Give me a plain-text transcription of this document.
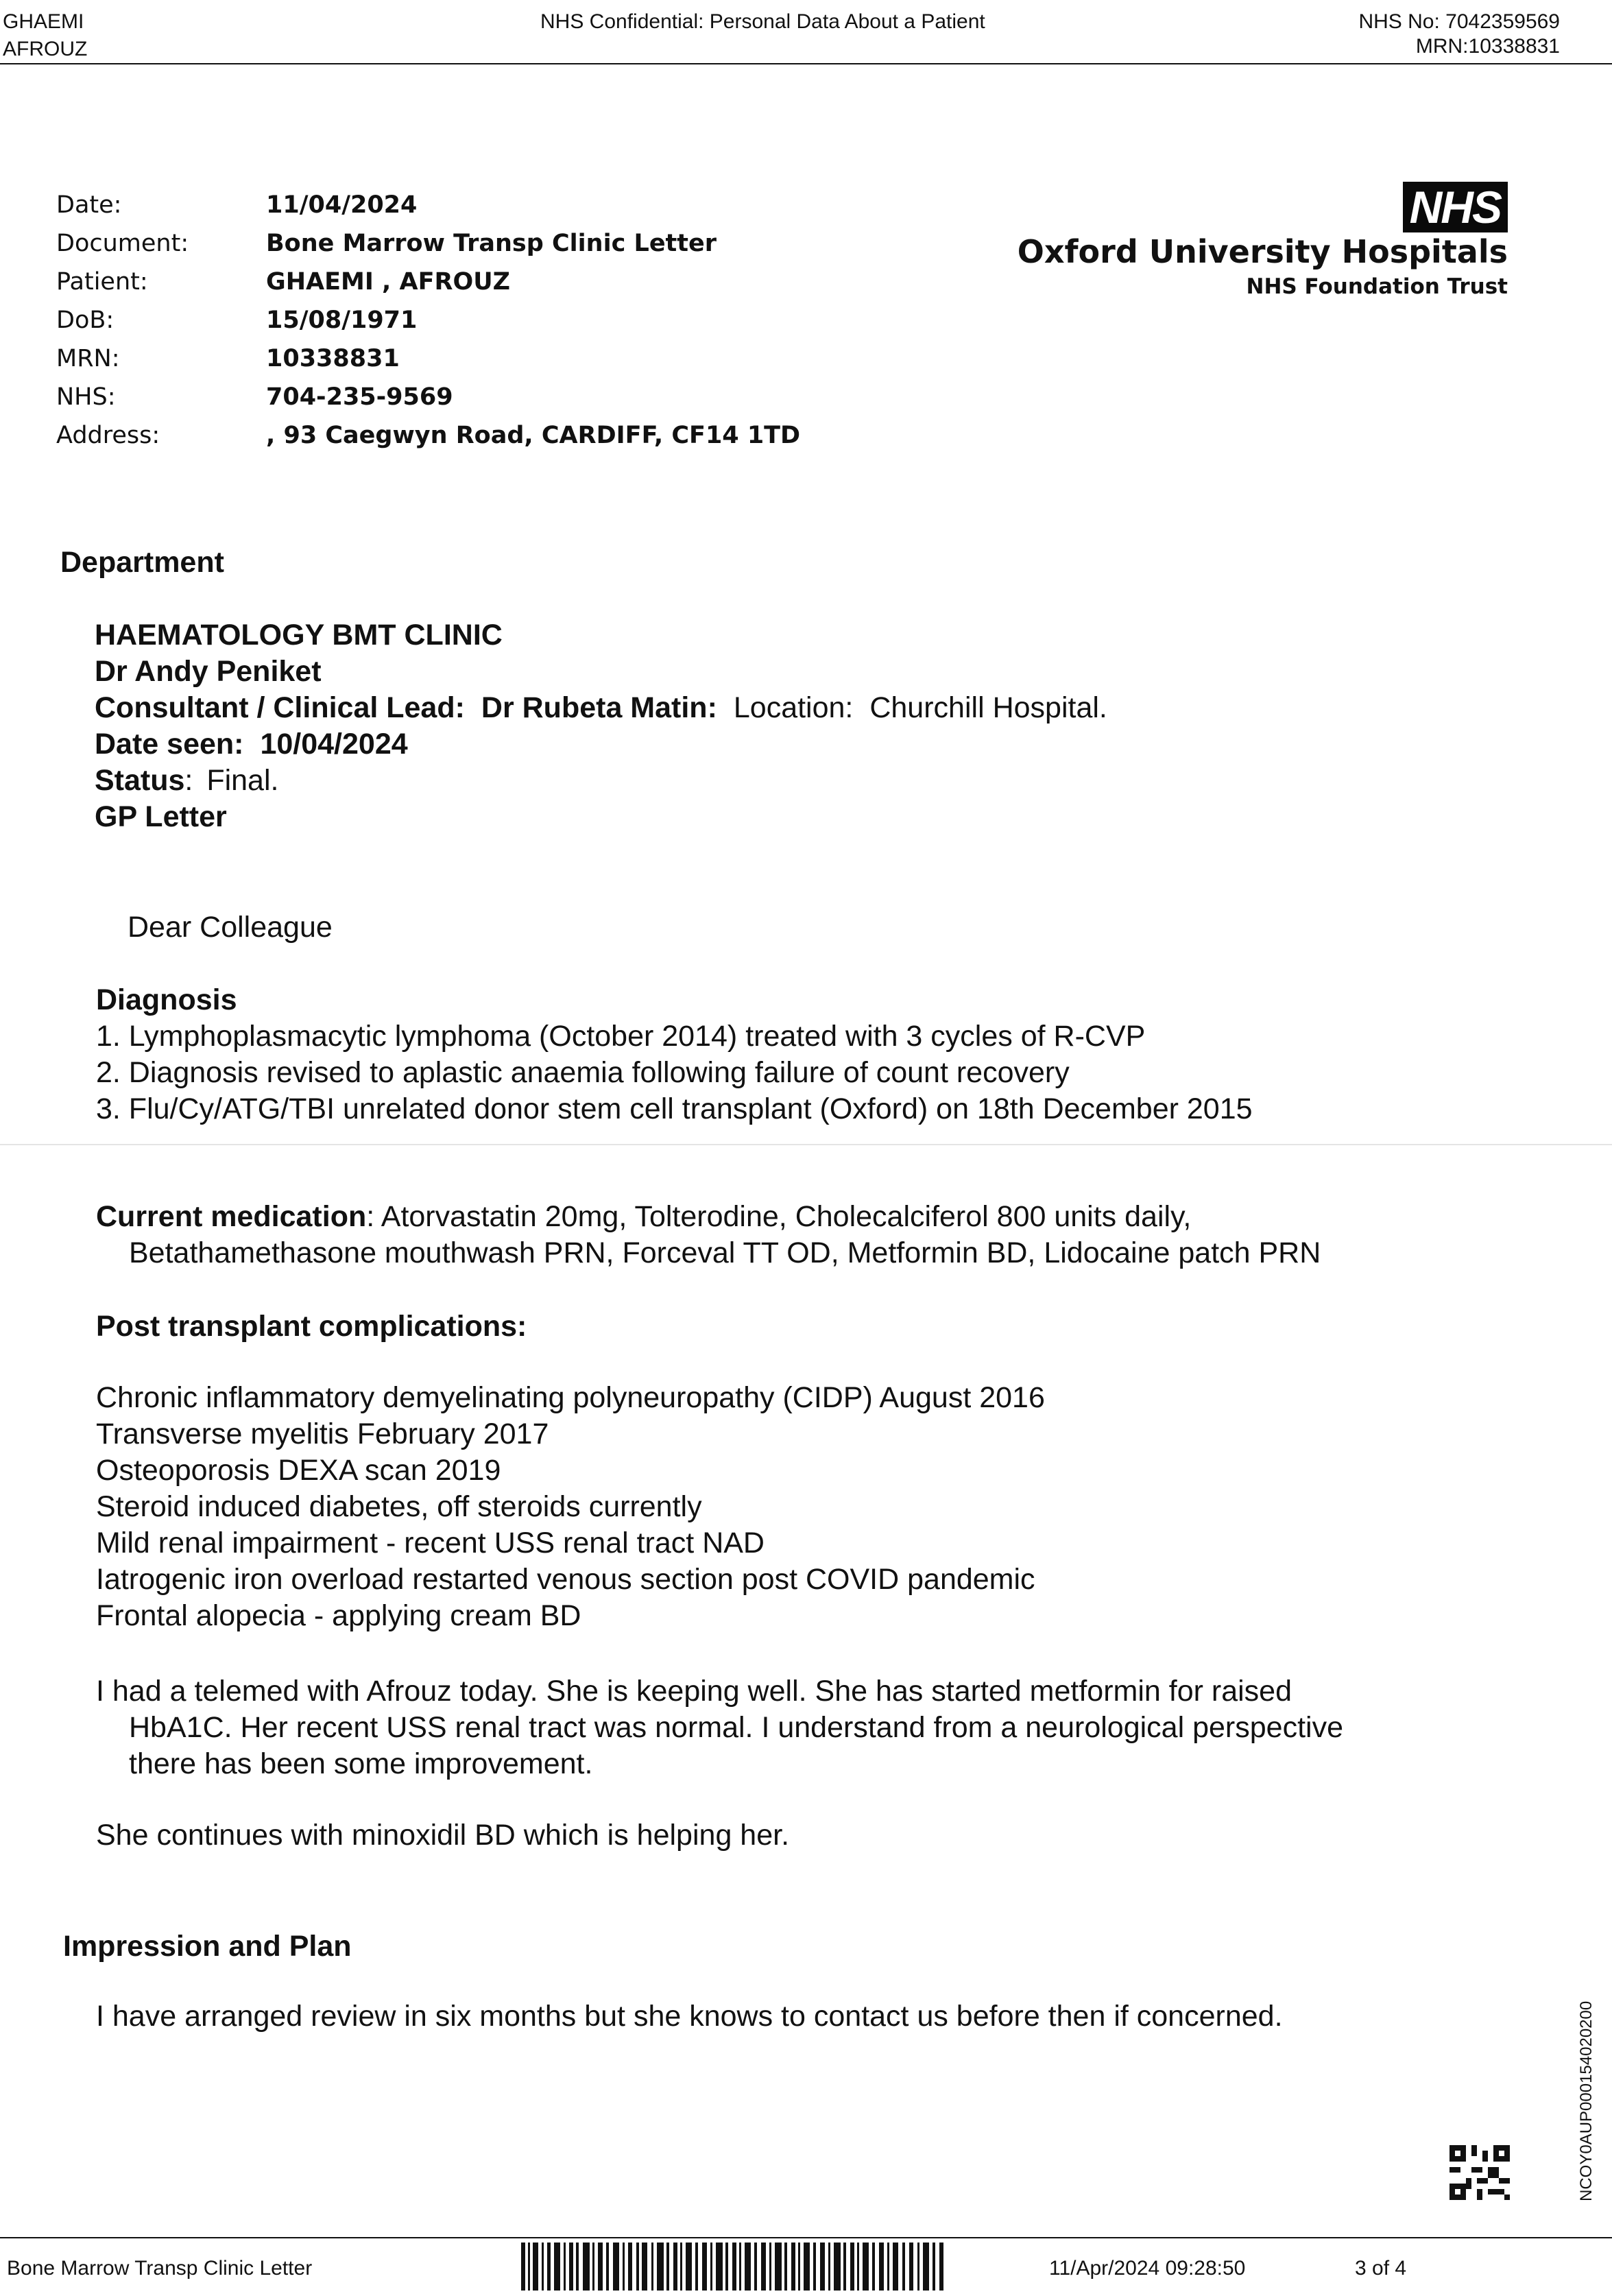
GHAEMI
AFROUZ
NHS Confidential: Personal Data About a Patient	NHS No: 7042359569
MRN:10338831
NHS
Oxford University Hospitals
NHS Foundation Trust
Date:	11/04/2024
Document:	Bone Marrow Transp Clinic Letter
Patient:	GHAEMI , AFROUZ
DoB:	15/08/1971
MRN:	10338831
NHS:	704-235-9569
Address:	, 93 Caegwyn Road, CARDIFF, CF14 1TD
Department
HAEMATOLOGY BMT CLINIC
Dr Andy Peniket
Consultant / Clinical Lead: Dr Rubeta Matin: Location: Churchill Hospital.
Date seen: 10/04/2024
Status: Final.
GP Letter
Dear Colleague
Diagnosis
1. Lymphoplasmacytic lymphoma (October 2014) treated with 3 cycles of R-CVP
2. Diagnosis revised to aplastic anaemia following failure of count recovery
3. Flu/Cy/ATG/TBI unrelated donor stem cell transplant (Oxford) on 18th December 2015
Current medication: Atorvastatin 20mg, Tolterodine, Cholecalciferol 800 units daily,
Betathamethasone mouthwash PRN, Forceval TT OD, Metformin BD, Lidocaine patch PRN
Post transplant complications:
Chronic inflammatory demyelinating polyneuropathy (CIDP) August 2016
Transverse myelitis February 2017
Osteoporosis DEXA scan 2019
Steroid induced diabetes, off steroids currently
Mild renal impairment - recent USS renal tract NAD
Iatrogenic iron overload restarted venous section post COVID pandemic
Frontal alopecia - applying cream BD
I had a telemed with Afrouz today. She is keeping well. She has started metformin for raised
HbA1C. Her recent USS renal tract was normal. I understand from a neurological perspective
there has been some improvement.
She continues with minoxidil BD which is helping her.
Impression and Plan
I have arranged review in six months but she knows to contact us before then if concerned.	NCOY0AUP00015402020​0
Bone Marrow Transp Clinic Letter	11/Apr/2024 09:28:50	3 of 4
